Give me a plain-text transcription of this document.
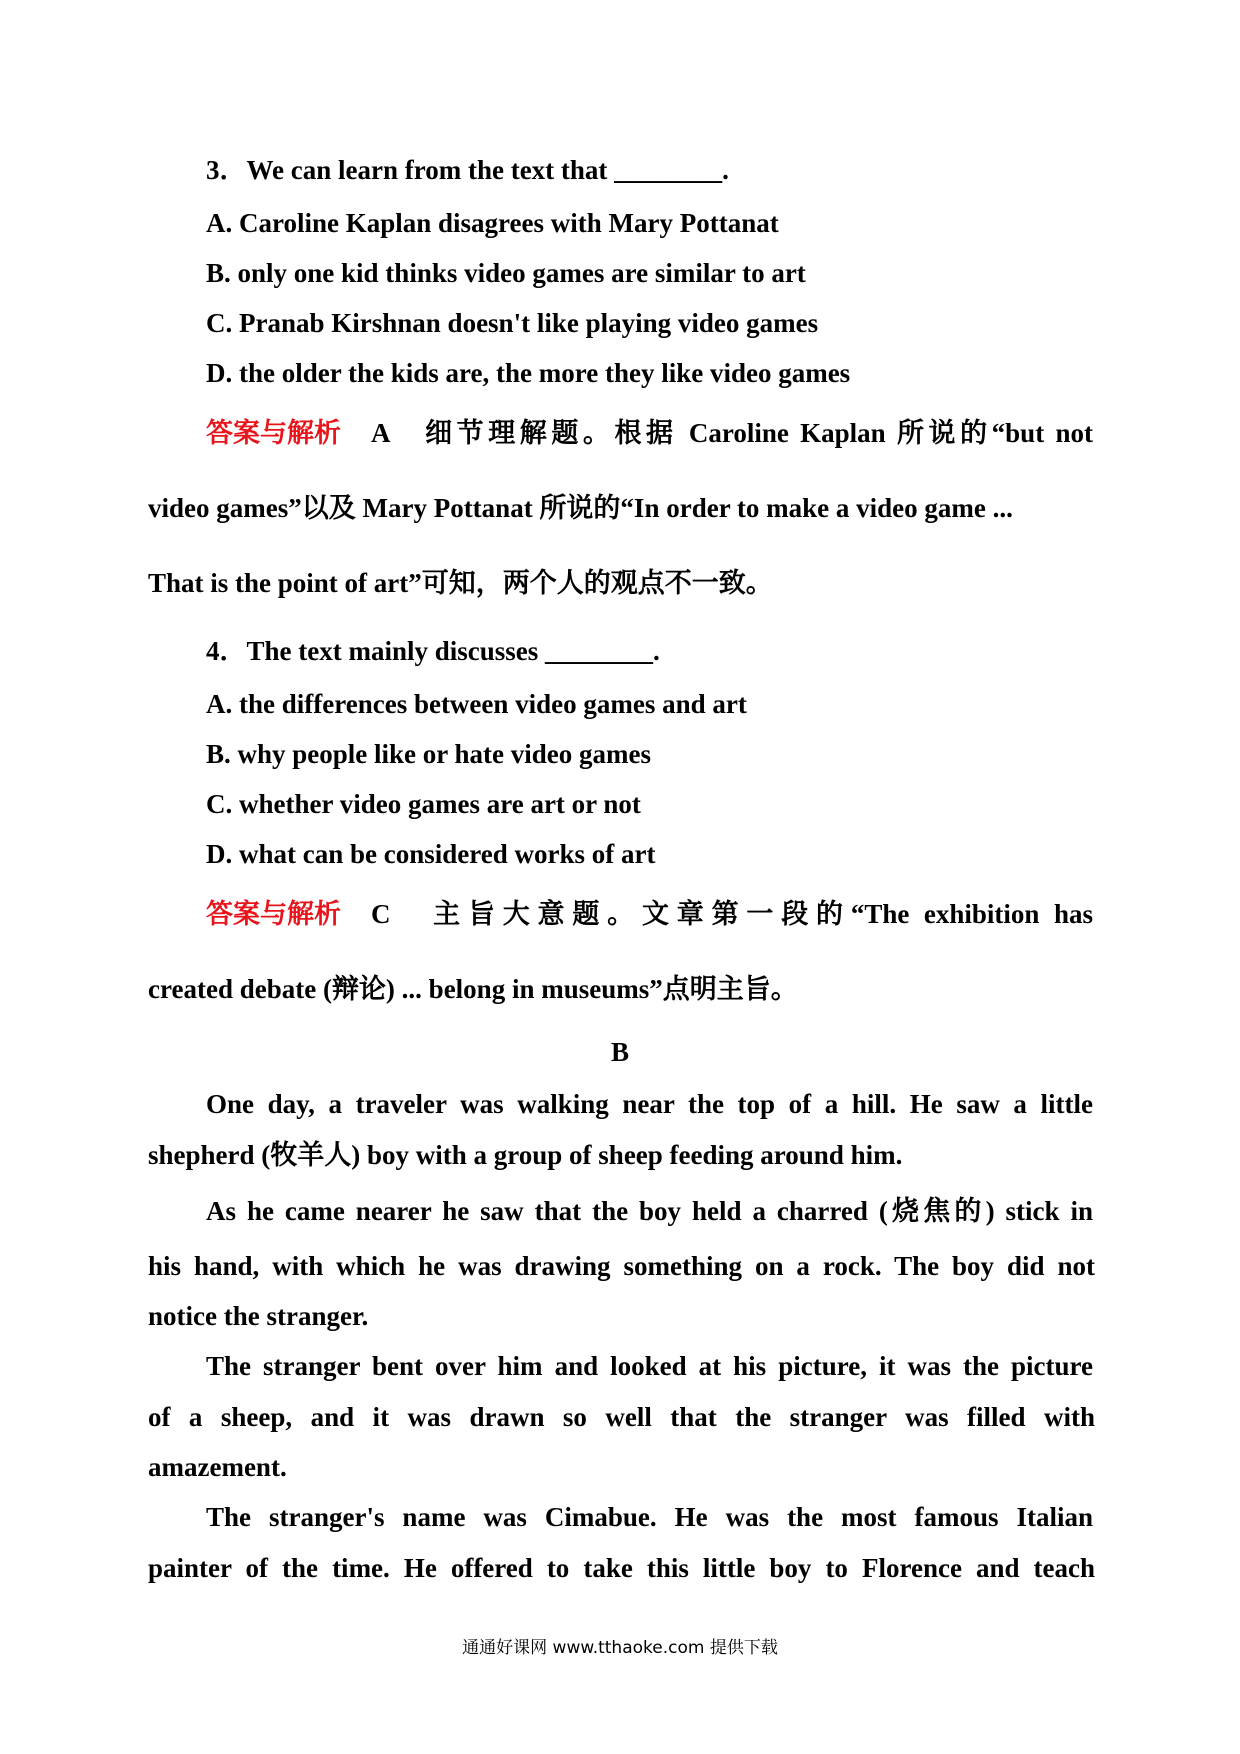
3．We can learn from the text that ________.
A. Caroline Kaplan disagrees with Mary Pottanat
B. only one kid thinks video games are similar to art
C. Pranab Kirshnan doesn't like playing video games
D. the older the kids are, the more they like video games
答案与解析 A　细节理解题。根据 Caroline Kaplan 所说的“but not
video games”以及 Mary Pottanat 所说的“In order to make a video game ...
That is the point of art”可知，两个人的观点不一致。
4．The text mainly discusses ________.
A. the differences between video games and art
B. why people like or hate video games
C. whether video games are art or not
D. what can be considered works of art
答案与解析 C　主旨大意题。文章第一段的“The exhibition has
created debate (辩论) ... belong in museums”点明主旨。
B
One day, a traveler was walking near the top of a hill. He saw a little
shepherd (牧羊人) boy with a group of sheep feeding around him.
As he came nearer he saw that the boy held a charred (烧焦的) stick in
his hand, with which he was drawing something on a rock. The boy did not
notice the stranger.
The stranger bent over him and looked at his picture, it was the picture
of a sheep, and it was drawn so well that the stranger was filled with
amazement.
The stranger's name was Cimabue. He was the most famous Italian
painter of the time. He offered to take this little boy to Florence and teach
通通好课网 www.tthaoke.com 提供下载
